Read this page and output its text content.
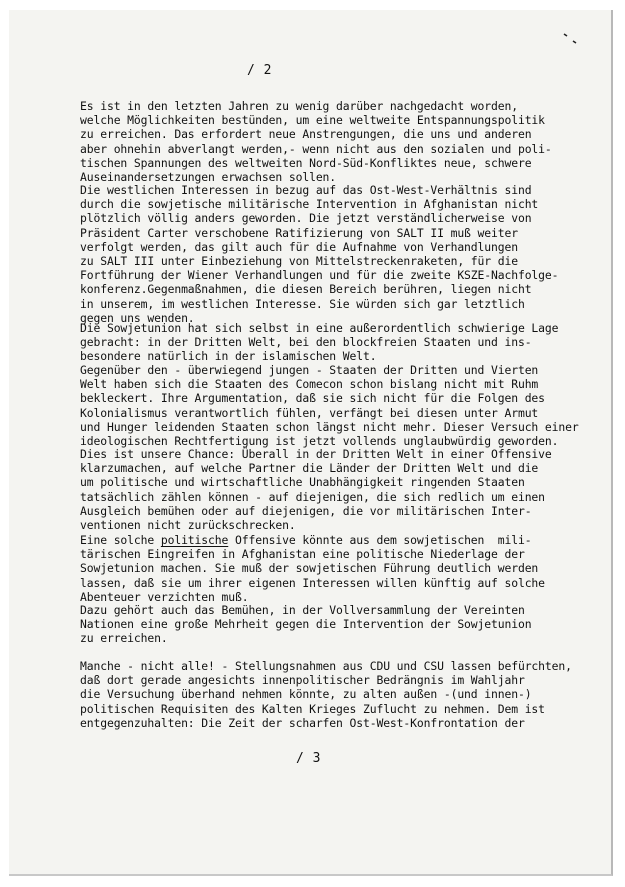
/ 2

Es ist in den letzten Jahren zu wenig darüber nachgedacht worden,
welche Möglichkeiten bestünden, um eine weltweite Entspannungspolitik
zu erreichen. Das erfordert neue Anstrengungen, die uns und anderen
aber ohnehin abverlangt werden,- wenn nicht aus den sozialen und poli-
tischen Spannungen des weltweiten Nord-Süd-Konfliktes neue, schwere
Auseinandersetzungen erwachsen sollen.

Die westlichen Interessen in bezug auf das Ost-West-Verhältnis sind
durch die sowjetische militärische Intervention in Afghanistan nicht
plötzlich völlig anders geworden. Die jetzt verständlicherweise von
Präsident Carter verschobene Ratifizierung von SALT II muß weiter
verfolgt werden, das gilt auch für die Aufnahme von Verhandlungen
zu SALT III unter Einbeziehung von Mittelstreckenraketen, für die
Fortführung der Wiener Verhandlungen und für die zweite KSZE-Nachfolge-
konferenz.Gegenmaßnahmen, die diesen Bereich berühren, liegen nicht
in unserem, im westlichen Interesse. Sie würden sich gar letztlich
gegen uns wenden.

Die Sowjetunion hat sich selbst in eine außerordentlich schwierige Lage
gebracht: in der Dritten Welt, bei den blockfreien Staaten und ins-
besondere natürlich in der islamischen Welt.

Gegenüber den - überwiegend jungen - Staaten der Dritten und Vierten
Welt haben sich die Staaten des Comecon schon bislang nicht mit Ruhm
bekleckert. Ihre Argumentation, daß sie sich nicht für die Folgen des
Kolonialismus verantwortlich fühlen, verfängt bei diesen unter Armut
und Hunger leidenden Staaten schon längst nicht mehr. Dieser Versuch einer
ideologischen Rechtfertigung ist jetzt vollends unglaubwürdig geworden.

Dies ist unsere Chance: Überall in der Dritten Welt in einer Offensive
klarzumachen, auf welche Partner die Länder der Dritten Welt und die
um politische und wirtschaftliche Unabhängigkeit ringenden Staaten
tatsächlich zählen können - auf diejenigen, die sich redlich um einen
Ausgleich bemühen oder auf diejenigen, die vor militärischen Inter-
ventionen nicht zurückschrecken.

Eine solche politische Offensive könnte aus dem sowjetischen  mili-
tärischen Eingreifen in Afghanistan eine politische Niederlage der
Sowjetunion machen. Sie muß der sowjetischen Führung deutlich werden
lassen, daß sie um ihrer eigenen Interessen willen künftig auf solche
Abenteuer verzichten muß.

Dazu gehört auch das Bemühen, in der Vollversammlung der Vereinten
Nationen eine große Mehrheit gegen die Intervention der Sowjetunion
zu erreichen.

Manche - nicht alle! - Stellungsnahmen aus CDU und CSU lassen befürchten,
daß dort gerade angesichts innenpolitischer Bedrängnis im Wahljahr
die Versuchung überhand nehmen könnte, zu alten außen -(und innen-)
politischen Requisiten des Kalten Krieges Zuflucht zu nehmen. Dem ist
entgegenzuhalten: Die Zeit der scharfen Ost-West-Konfrontation der

/ 3
